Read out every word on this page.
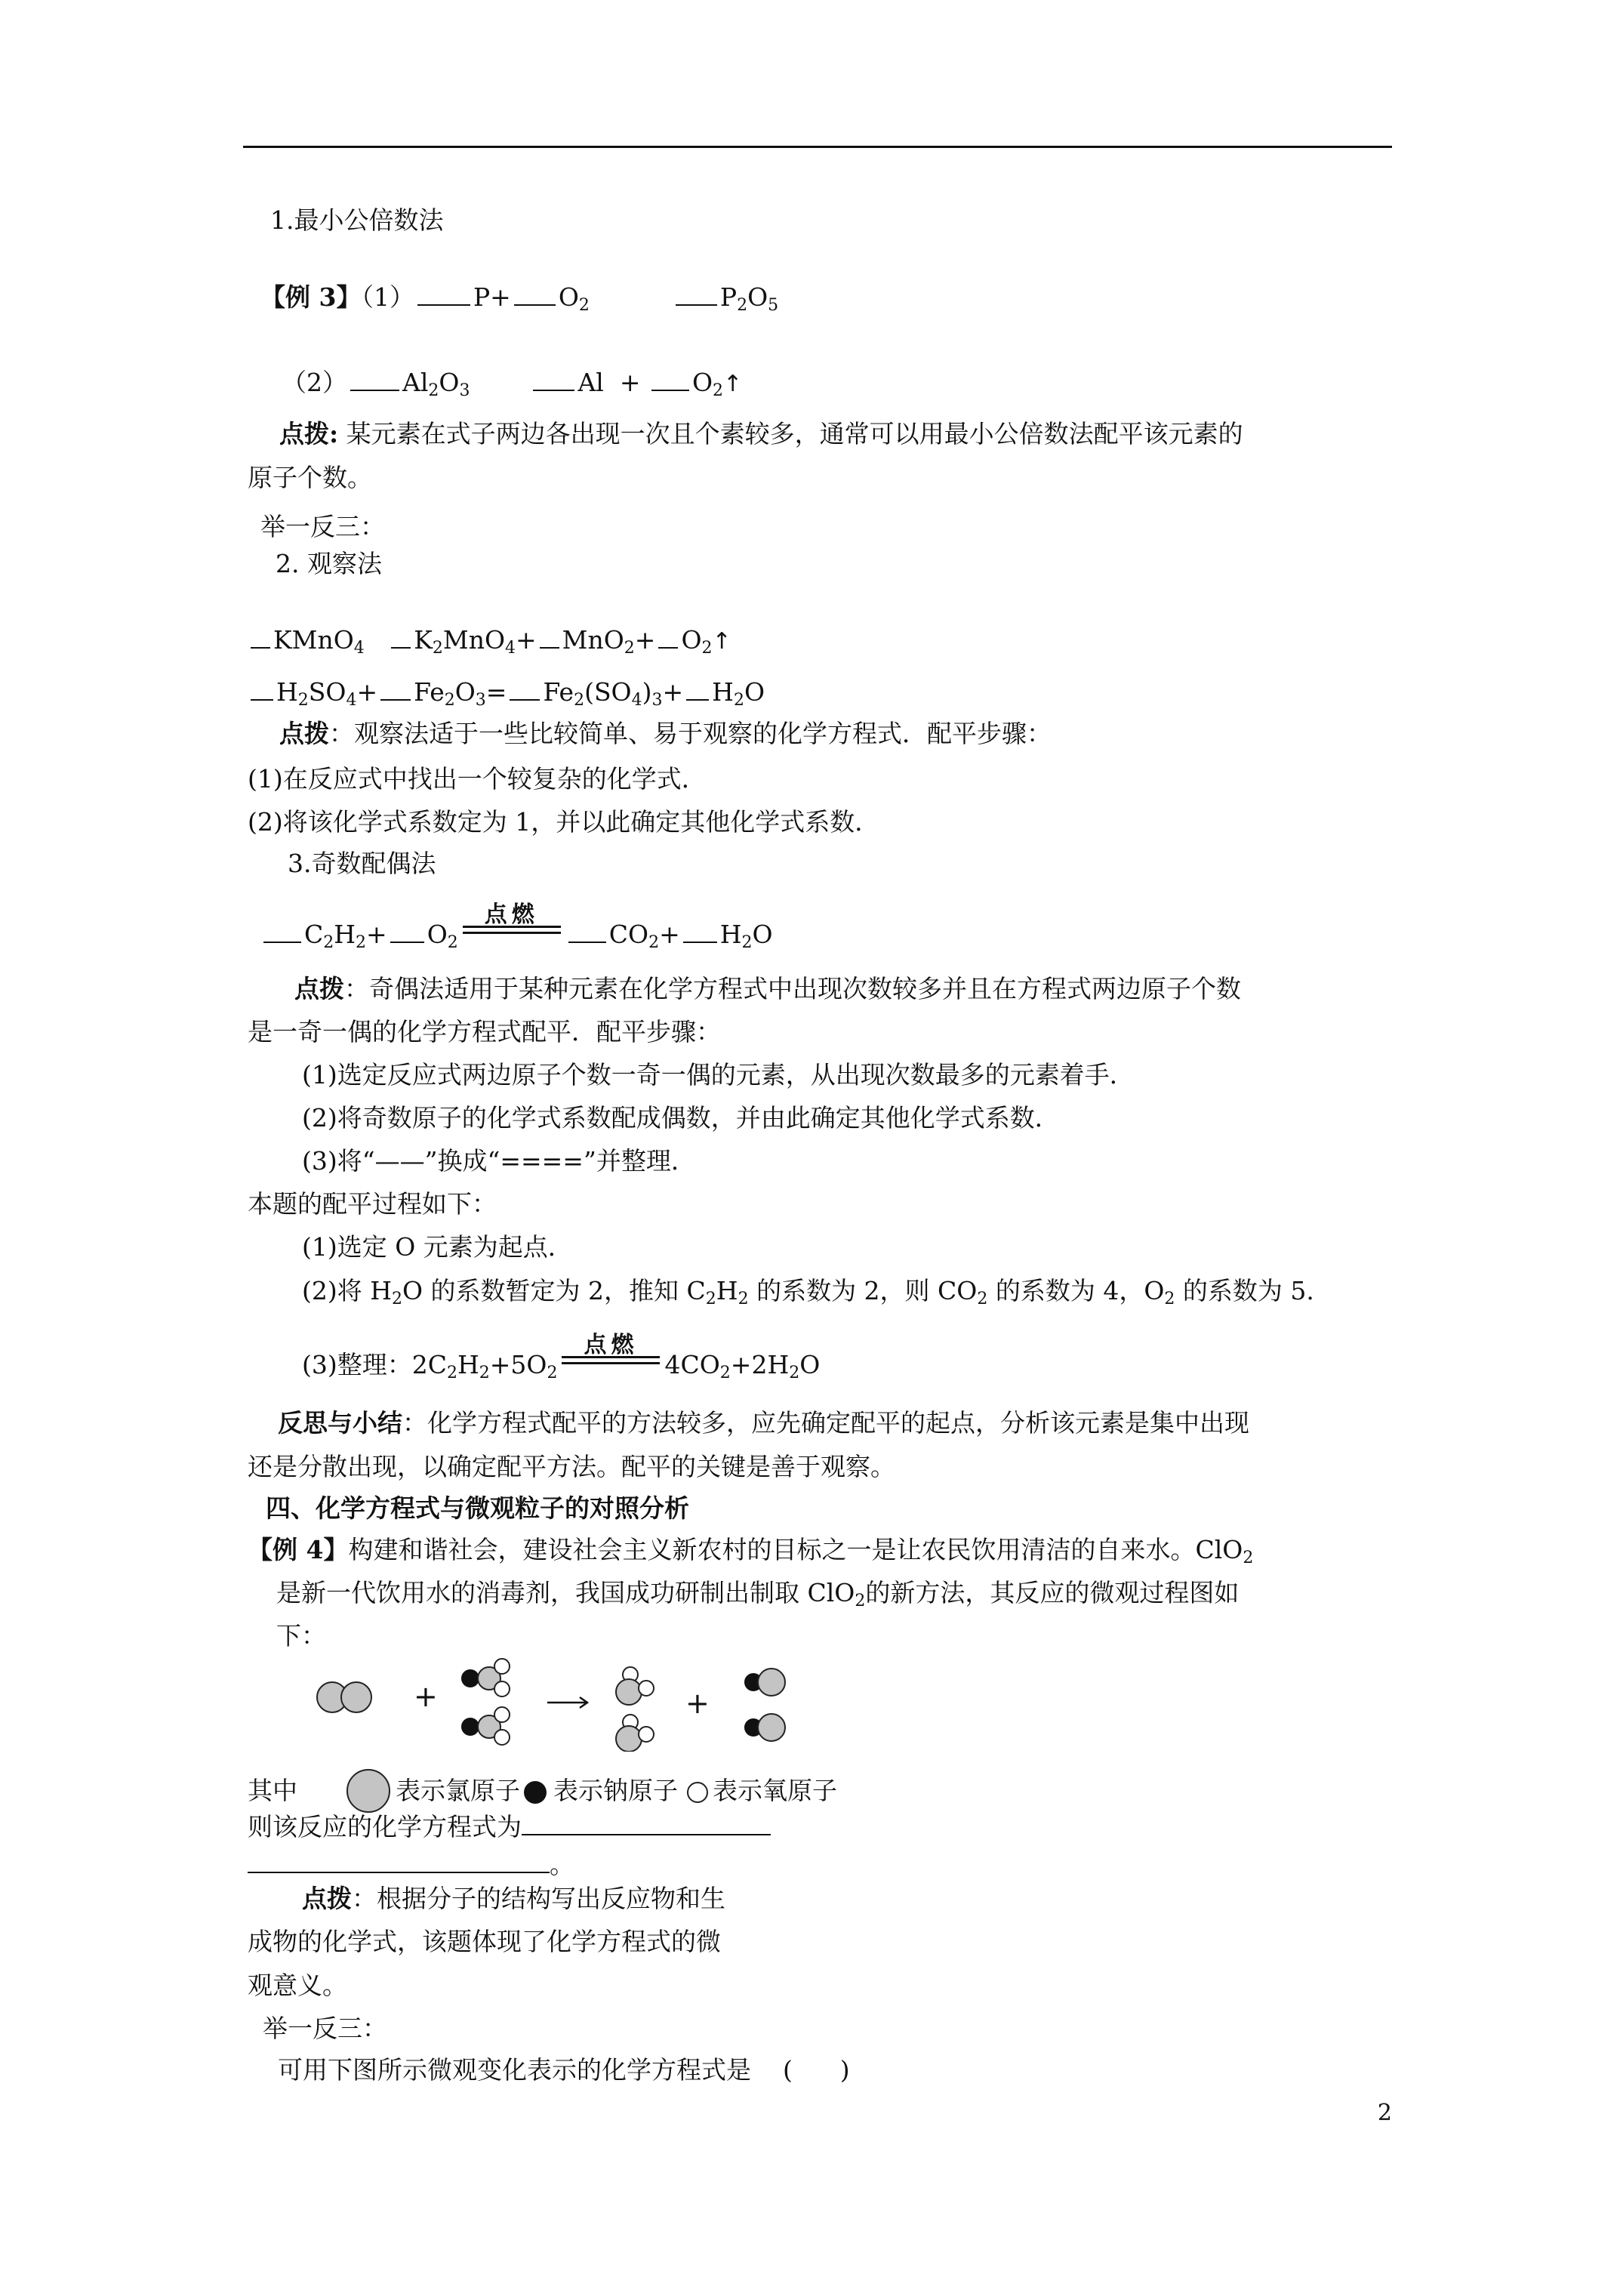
1.最小公倍数法
【例 3】（1） $P+ O_2$	$P_2O_5$
（2） $Al_2O_3$	$Al + O_2↑$
点拨: 某元素在式子两边各出现一次且个素较多，通常可以用最小公倍数法配平该元素的
原子个数。
举一反三：
2. 观察法
KMnO$_4$ $K_2MnO_4+ MnO_2+$ $O_2↑$
$H_2SO_4+ Fe_2O_3= Fe_2(SO_4)_3+ H_2O$
点拨：观察法适于一些比较简单、易于观察的化学方程式．配平步骤：
(1)在反应式中找出一个较复杂的化学式．
(2)将该化学式系数定为 1，并以此确定其他化学式系数．
3.奇数配偶法
$C_2H_2+ O_2$
点燃
$CO_2+ H_2O$
点拨：奇偶法适用于某种元素在化学方程式中出现次数较多并且在方程式两边原子个数
是一奇一偶的化学方程式配平．配平步骤：
(1)选定反应式两边原子个数一奇一偶的元素，从出现次数最多的元素着手．
(2)将奇数原子的化学式系数配成偶数，并由此确定其他化学式系数．
(3)将“——”换成“====”并整理．
本题的配平过程如下：
(1)选定 O 元素为起点．
(2)将 $H_2O$ 的系数暂定为 2，推知 $C_2H_2$ 的系数为 2，则 $CO_2$ 的系数为 4，$O_2$ 的系数为 5.
(3)整理：$2C_2H_2+5O_2$
点燃
$4CO_2+2H_2O$
反思与小结：化学方程式配平的方法较多，应先确定配平的起点，分析该元素是集中出现
还是分散出现，以确定配平方法。配平的关键是善于观察。
四、化学方程式与微观粒子的对照分析
【例 4】构建和谐社会，建设社会主义新农村的目标之一是让农民饮用清洁的自来水。ClO$_2$
是新一代饮用水的消毒剂，我国成功研制出制取 ClO$_2$的新方法，其反应的微观过程图如
下：
+	+
其中	表示氯原子 表示钠原子 表示氧原子
则该反应的化学方程式为
。
点拨：根据分子的结构写出反应物和生
成物的化学式，该题体现了化学方程式的微
观意义。
举一反三：
可用下图所示微观变化表示的化学方程式是    (      )
2
